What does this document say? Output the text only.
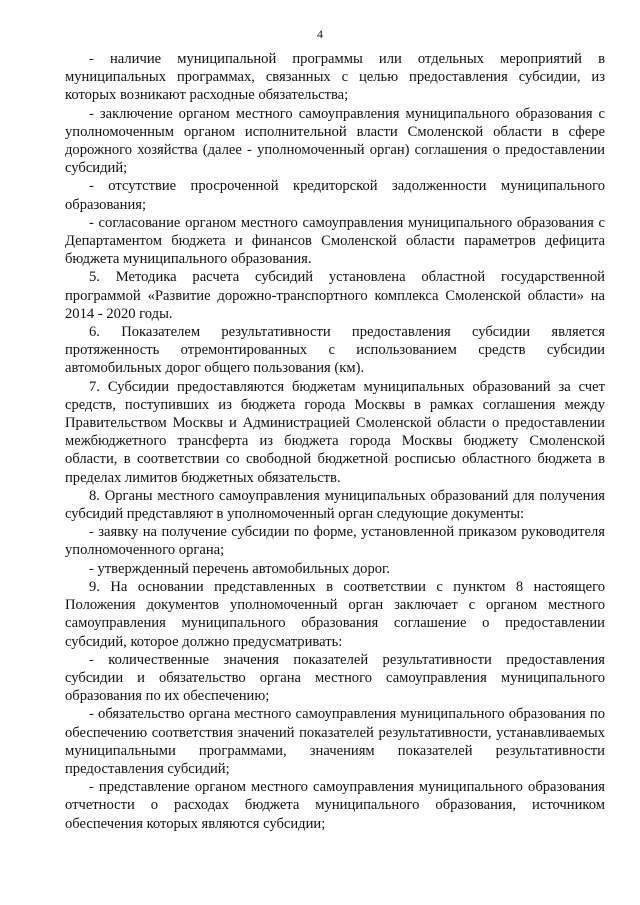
4

- наличие муниципальной программы или отдельных мероприятий в муниципальных программах, связанных с целью предоставления субсидии, из которых возникают расходные обязательства;

- заключение органом местного самоуправления муниципального образования с уполномоченным органом исполнительной власти Смоленской области в сфере дорожного хозяйства (далее - уполномоченный орган) соглашения о предоставлении субсидий;

- отсутствие просроченной кредиторской задолженности муниципального образования;

- согласование органом местного самоуправления муниципального образования с Департаментом бюджета и финансов Смоленской области параметров дефицита бюджета муниципального образования.

5. Методика расчета субсидий установлена областной государственной программой «Развитие дорожно-транспортного комплекса Смоленской области» на 2014 - 2020 годы.

6. Показателем результативности предоставления субсидии является протяженность отремонтированных с использованием средств субсидии автомобильных дорог общего пользования (км).

7. Субсидии предоставляются бюджетам муниципальных образований за счет средств, поступивших из бюджета города Москвы в рамках соглашения между Правительством Москвы и Администрацией Смоленской области о предоставлении межбюджетного трансферта из бюджета города Москвы бюджету Смоленской области, в соответствии со свободной бюджетной росписью областного бюджета в пределах лимитов бюджетных обязательств.

8. Органы местного самоуправления муниципальных образований для получения субсидий представляют в уполномоченный орган следующие документы:

- заявку на получение субсидии по форме, установленной приказом руководителя уполномоченного органа;

- утвержденный перечень автомобильных дорог.

9. На основании представленных в соответствии с пунктом 8 настоящего Положения документов уполномоченный орган заключает с органом местного самоуправления муниципального образования соглашение о предоставлении субсидий, которое должно предусматривать:

- количественные значения показателей результативности предоставления субсидии и обязательство органа местного самоуправления муниципального образования по их обеспечению;

- обязательство органа местного самоуправления муниципального образования по обеспечению соответствия значений показателей результативности, устанавливаемых муниципальными программами, значениям показателей результативности предоставления субсидий;

- представление органом местного самоуправления муниципального образования отчетности о расходах бюджета муниципального образования, источником обеспечения которых являются субсидии;
